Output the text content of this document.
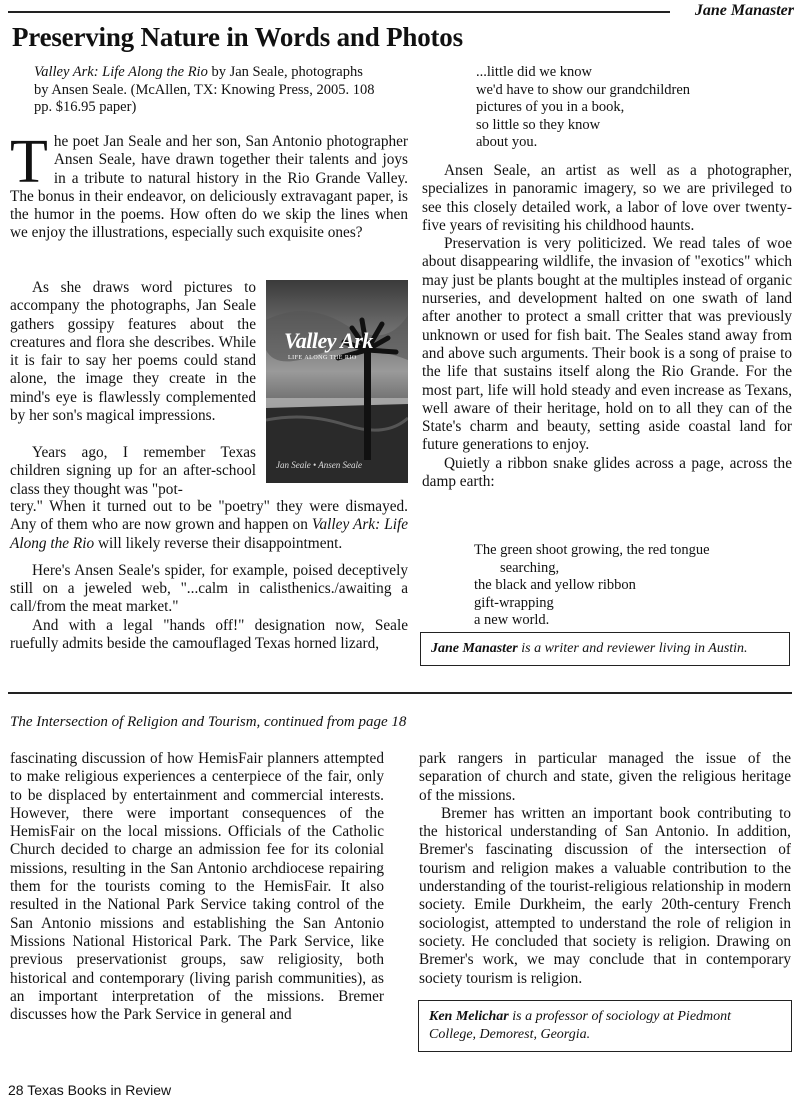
Jane Manaster
Preserving Nature in Words and Photos
Valley Ark: Life Along the Rio by Jan Seale, photographs by Ansen Seale. (McAllen, TX: Knowing Press, 2005. 108 pp. $16.95 paper)

The poet Jan Seale and her son, San Antonio photographer Ansen Seale, have drawn together their talents and joys in a tribute to natural history in the Rio Grande Valley. The bonus in their endeavor, on deliciously extravagant paper, is the humor in the poems. How often do we skip the lines when we enjoy the illustrations, especially such exquisite ones?

As she draws word pictures to accompany the photographs, Jan Seale gathers gossipy features about the creatures and flora she describes. While it is fair to say her poems could stand alone, the image they create in the mind's eye is flawlessly complemented by her son's magical impressions.

Valley Ark
LIFE ALONG THE RIO
Jan Seale • Ansen Seale

Years ago, I remember Texas children signing up for an after-school class they thought was "pot-

tery." When it turned out to be "poetry" they were dismayed. Any of them who are now grown and happen on Valley Ark: Life Along the Rio will likely reverse their disappointment.

Here's Ansen Seale's spider, for example, poised deceptively still on a jeweled web, "...calm in calisthenics./awaiting a call/from the meat market."

And with a legal "hands off!" designation now, Seale ruefully admits beside the camouflaged Texas horned lizard,

...little did we know
we'd have to show our grandchildren
pictures of you in a book,
so little so they know
about you.

Ansen Seale, an artist as well as a photographer, specializes in panoramic imagery, so we are privileged to see this closely detailed work, a labor of love over twenty-five years of revisiting his childhood haunts.

Preservation is very politicized. We read tales of woe about disappearing wildlife, the invasion of "exotics" which may just be plants bought at the multiples instead of organic nurseries, and development halted on one swath of land after another to protect a small critter that was previously unknown or used for fish bait. The Seales stand away from and above such arguments. Their book is a song of praise to the life that sustains itself along the Rio Grande. For the most part, life will hold steady and even increase as Texans, well aware of their heritage, hold on to all they can of the State's charm and beauty, setting aside coastal land for future generations to enjoy.

Quietly a ribbon snake glides across a page, across the damp earth:

The green shoot growing, the red tongue
searching,
the black and yellow ribbon
gift-wrapping
a new world.
Jane Manaster is a writer and reviewer living in Austin.
The Intersection of Religion and Tourism, continued from page 18

fascinating discussion of how HemisFair planners attempted to make religious experiences a centerpiece of the fair, only to be displaced by entertainment and commercial interests. However, there were important consequences of the HemisFair on the local missions. Officials of the Catholic Church decided to charge an admission fee for its colonial missions, resulting in the San Antonio archdiocese repairing them for the tourists coming to the HemisFair. It also resulted in the National Park Service taking control of the San Antonio missions and establishing the San Antonio Missions National Historical Park. The Park Service, like previous preservationist groups, saw religiosity, both historical and contemporary (living parish communities), as an important interpretation of the missions. Bremer discusses how the Park Service in general and

park rangers in particular managed the issue of the separation of church and state, given the religious heritage of the missions.

Bremer has written an important book contributing to the historical understanding of San Antonio. In addition, Bremer's fascinating discussion of the intersection of tourism and religion makes a valuable contribution to the understanding of the tourist-religious relationship in modern society. Emile Durkheim, the early 20th-century French sociologist, attempted to understand the role of religion in society. He concluded that society is religion. Drawing on Bremer's work, we may conclude that in contemporary society tourism is religion.

Ken Melichar is a professor of sociology at Piedmont College, Demorest, Georgia.
28 Texas Books in Review
